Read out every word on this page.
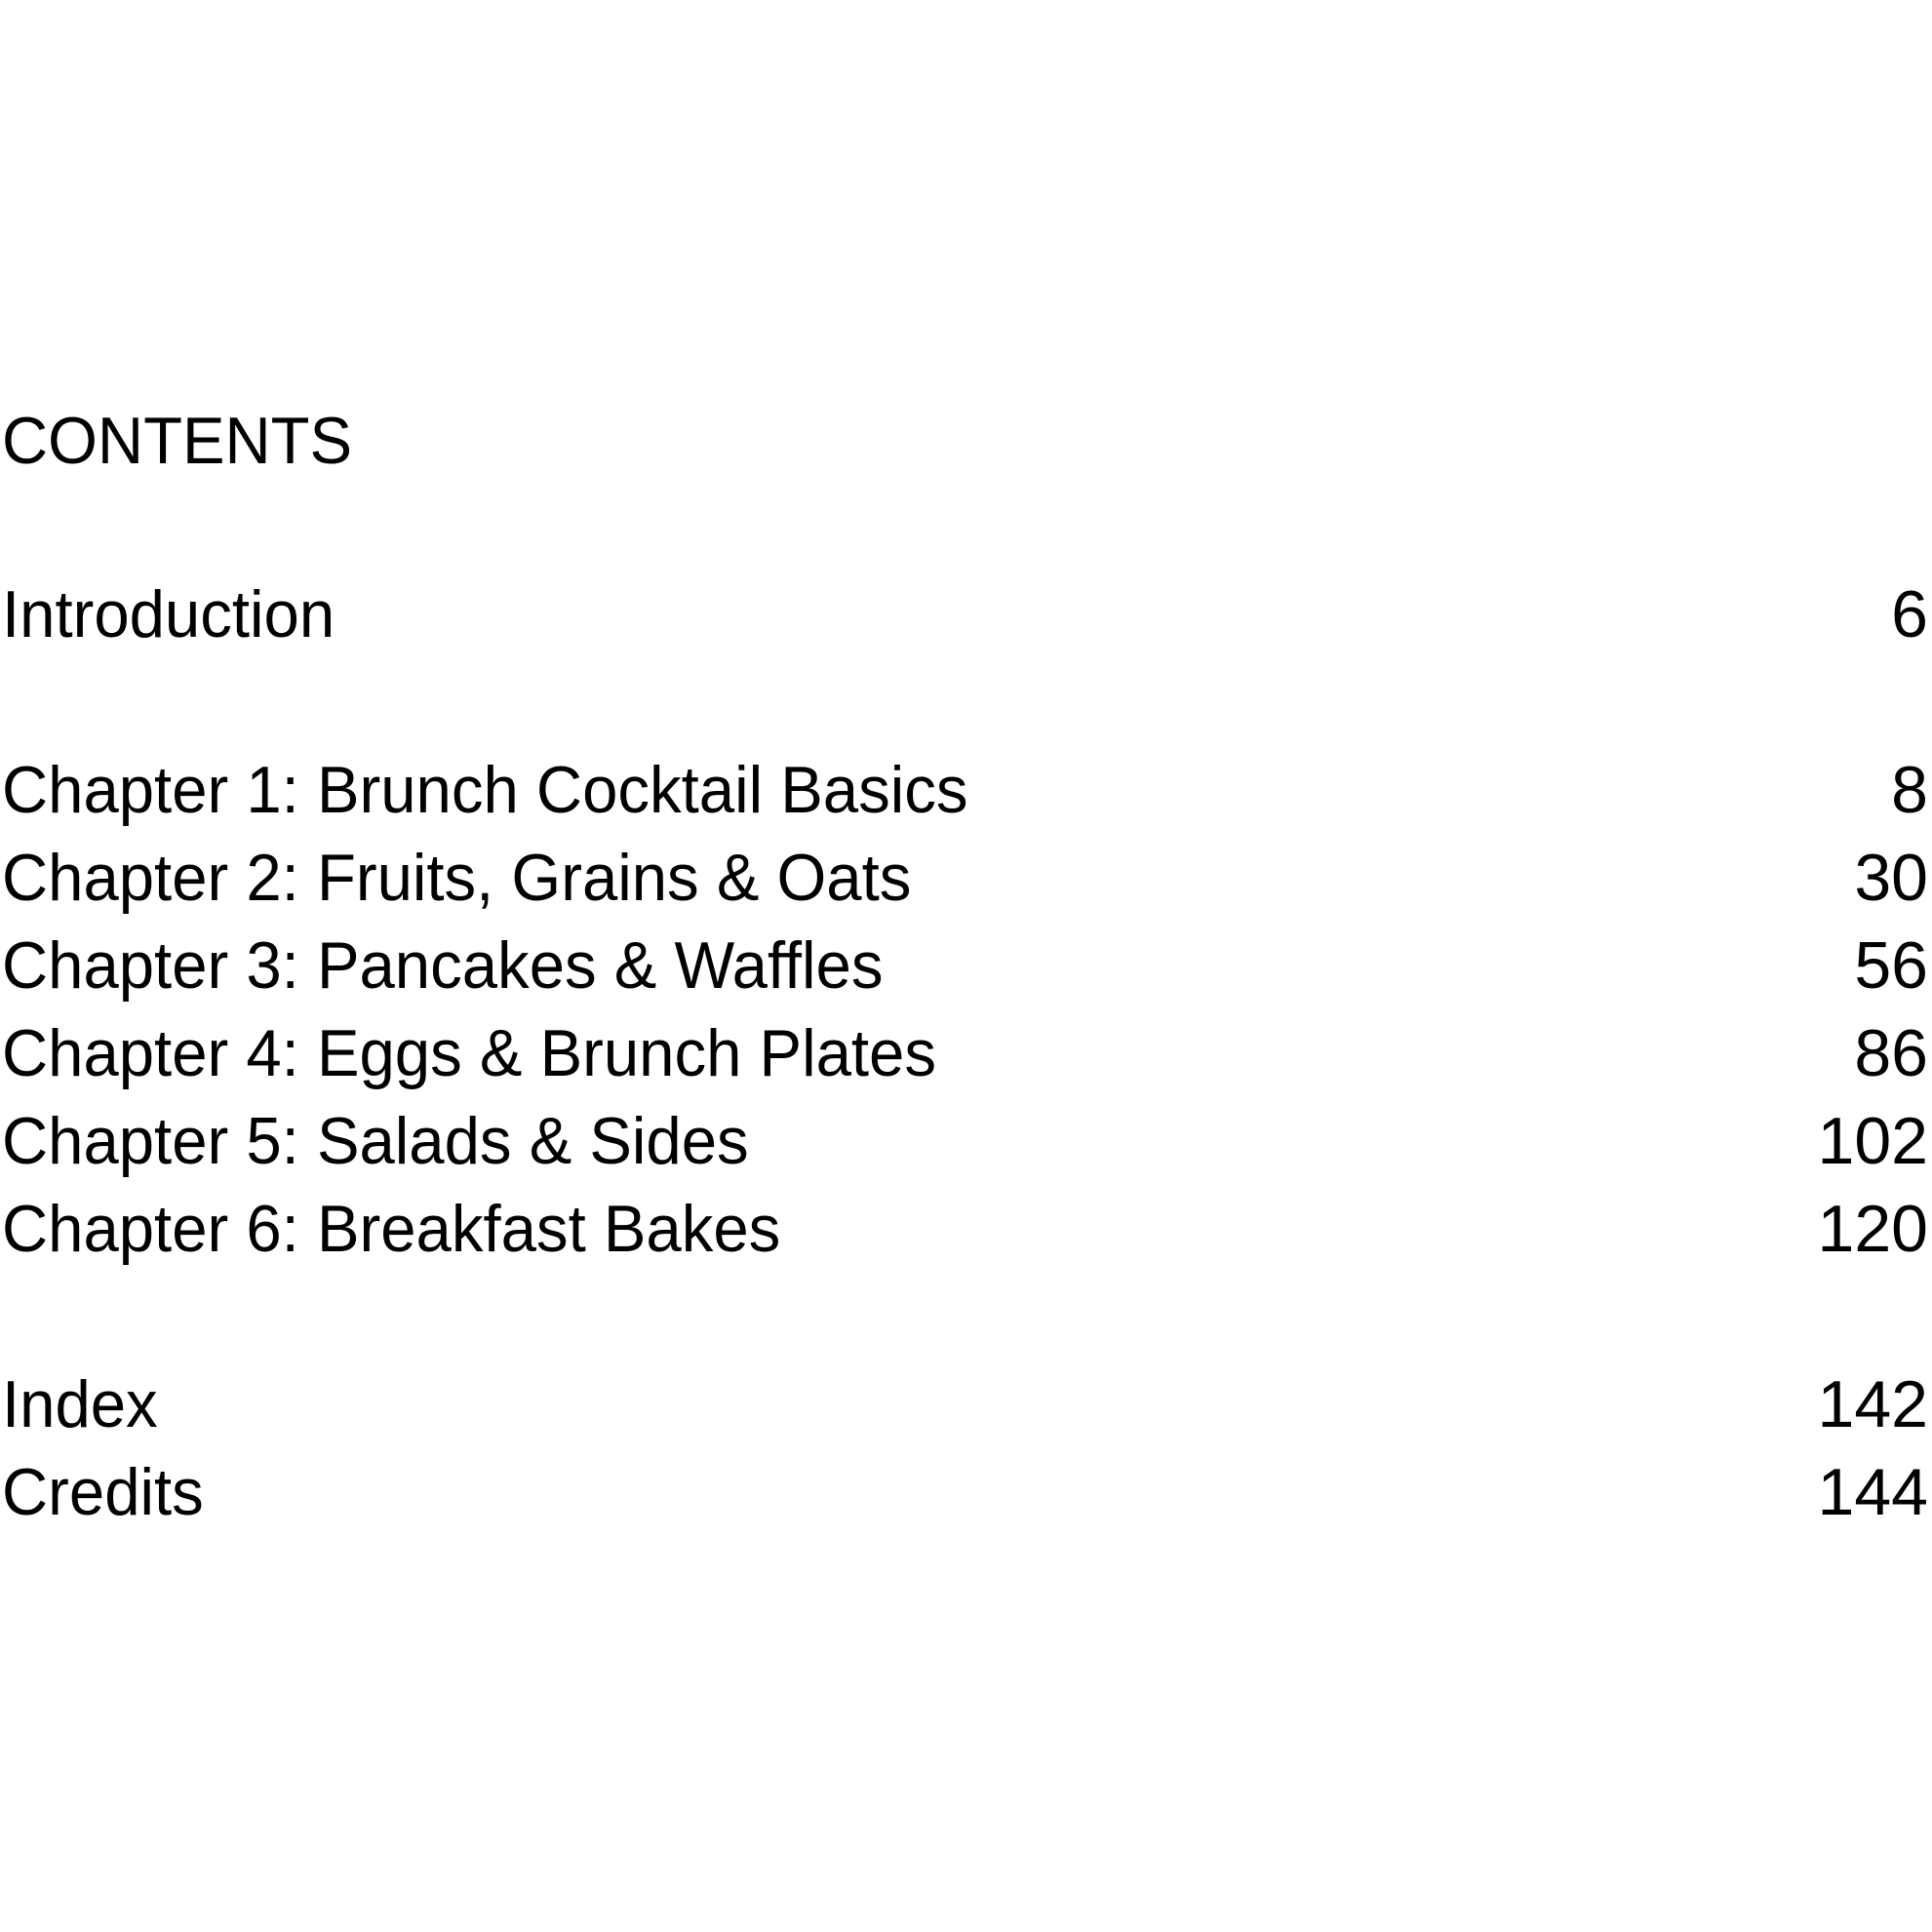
CONTENTS
Introduction	6
Chapter 1: Brunch Cocktail Basics	8
Chapter 2: Fruits, Grains & Oats	30
Chapter 3: Pancakes & Waffles	56
Chapter 4: Eggs & Brunch Plates	86
Chapter 5: Salads & Sides	102
Chapter 6: Breakfast Bakes	120
Index	142
Credits	144
